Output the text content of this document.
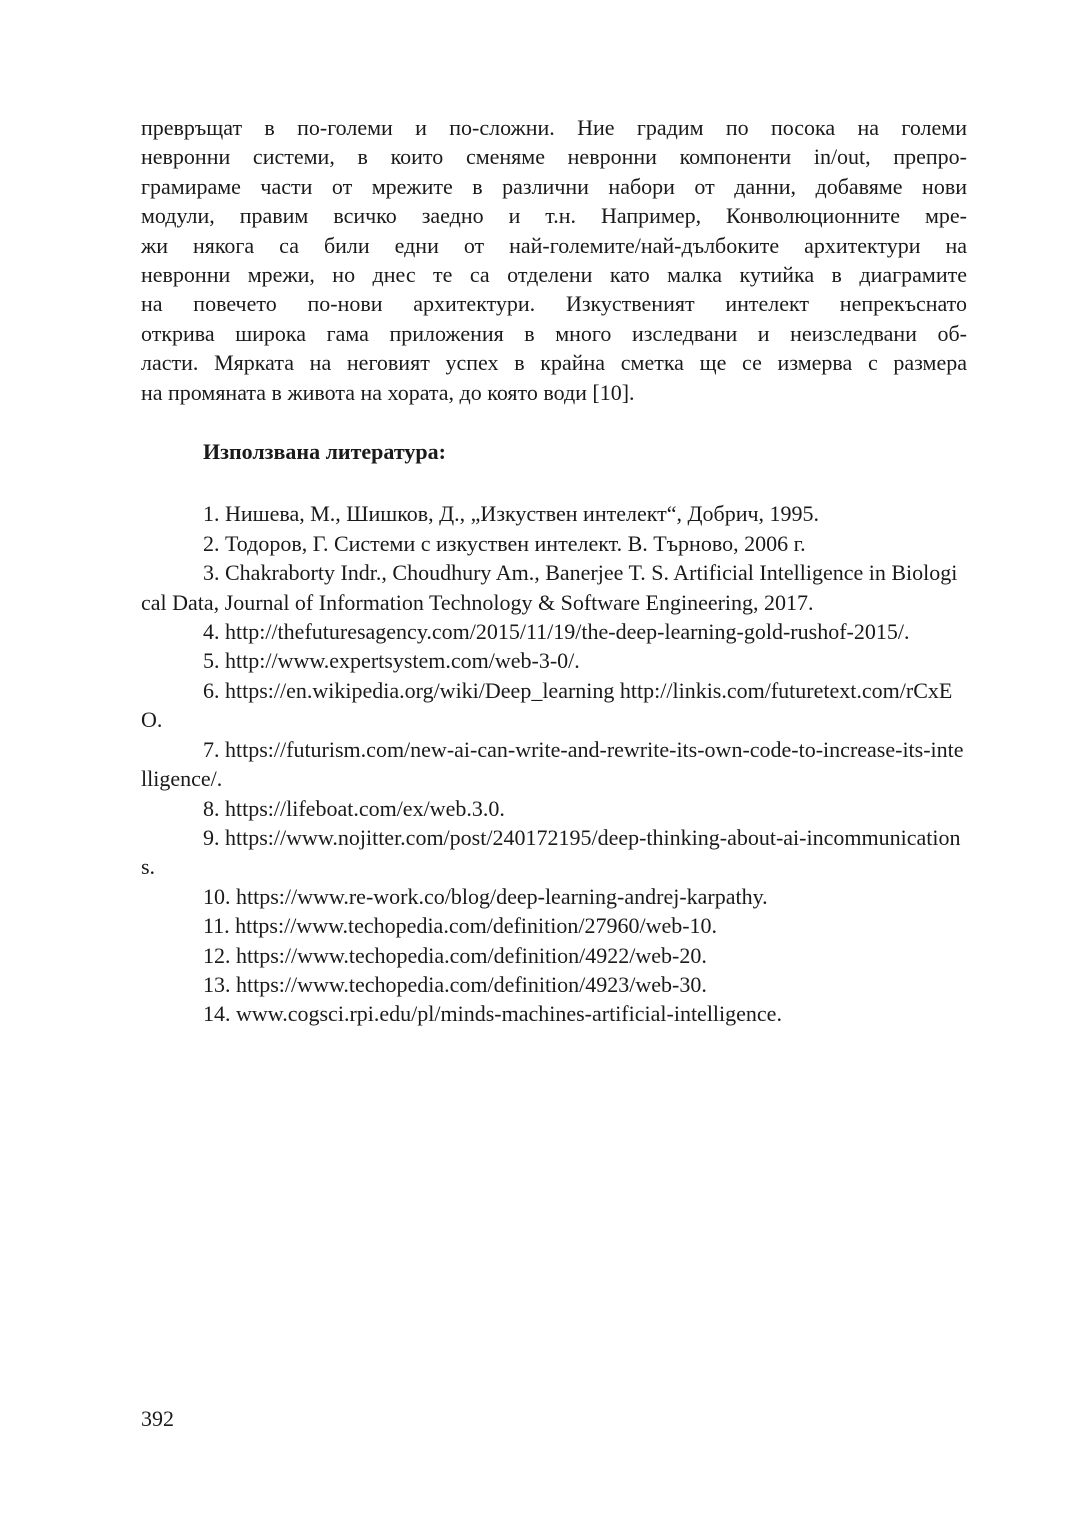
превръщат в по-големи и по-сложни. Ние градим по посока на големи
невронни системи, в които сменяме невронни компоненти in/out, препро-
грамираме части от мрежите в различни набори от данни, добавяме нови
модули, правим всичко заедно и т.н. Например, Конволюционните мре-
жи някога са били едни от най-големите/най-дълбоките архитектури на
невронни мрежи, но днес те са отделени като малка кутийка в диаграмите
на повечето по-нови архитектури. Изкуственият интелект непрекъснато
открива широка гама приложения в много изследвани и неизследвани об-
ласти. Мярката на неговият успех в крайна сметка ще се измерва с размера
на промяната в живота на хората, до която води [10].
Използвана литература:
1. Нишева, М., Шишков, Д., „Изкуствен интелект“, Добрич, 1995.
2. Тодоров, Г. Системи с изкуствен интелект. В. Търново, 2006 г.
3. Chakraborty Indr., Choudhury Am., Banerjee T. S. Artificial Intelligence in Biological Data, Journal of Information Technology & Software Engineering, 2017.
4. http://thefuturesagency.com/2015/11/19/the-deep-learning-gold-rushof-2015/.
5. http://www.expertsystem.com/web-3-0/.
6. https://en.wikipedia.org/wiki/Deep_learning http://linkis.com/futuretext.com/rCxEO.
7. https://futurism.com/new-ai-can-write-and-rewrite-its-own-code-to-increase-its-intelligence/.
8. https://lifeboat.com/ex/web.3.0.
9. https://www.nojitter.com/post/240172195/deep-thinking-about-ai-incommunications.
10. https://www.re-work.co/blog/deep-learning-andrej-karpathy.
11. https://www.techopedia.com/definition/27960/web-10.
12. https://www.techopedia.com/definition/4922/web-20.
13. https://www.techopedia.com/definition/4923/web-30.
14. www.cogsci.rpi.edu/pl/minds-machines-artificial-intelligence.

392
